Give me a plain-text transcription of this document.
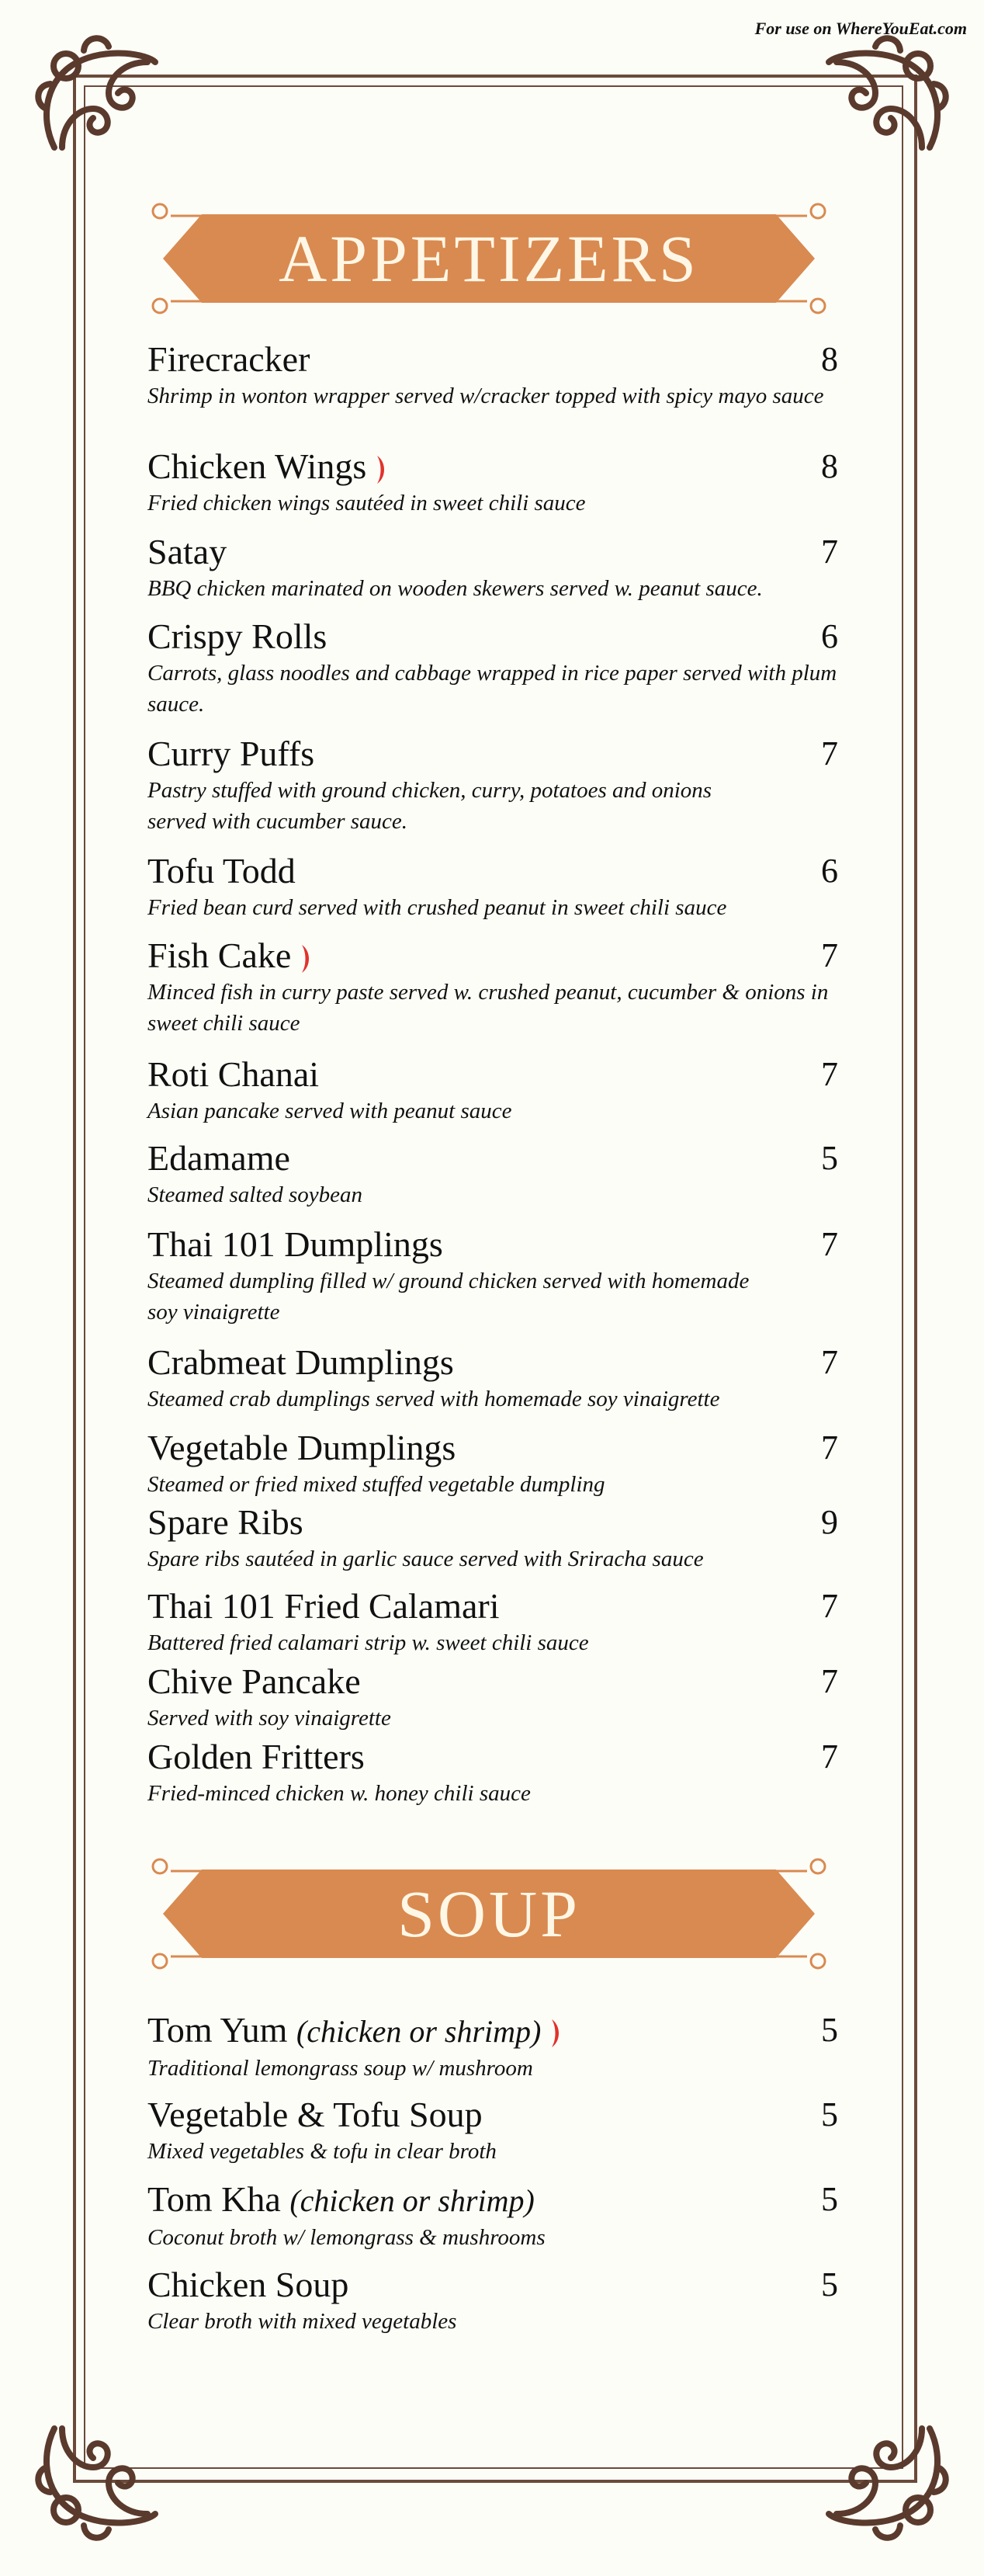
For use on WhereYouEat.com
APPETIZERS
Firecracker	8
Shrimp in wonton wrapper served w/cracker topped with spicy mayo sauce
Chicken Wings	8
Fried chicken wings sautéed in sweet chili sauce
Satay	7
BBQ chicken marinated on wooden skewers served w. peanut sauce.
Crispy Rolls	6
Carrots, glass noodles and cabbage wrapped in rice paper served with plum sauce.
Curry Puffs	7
Pastry stuffed with ground chicken, curry, potatoes and onions served with cucumber sauce.
Tofu Todd	6
Fried bean curd served with crushed peanut in sweet chili sauce
Fish Cake	7
Minced fish in curry paste served w. crushed peanut, cucumber & onions in sweet chili sauce
Roti Chanai	7
Asian pancake served with peanut sauce
Edamame	5
Steamed salted soybean
Thai 101 Dumplings	7
Steamed dumpling filled w/ ground chicken served with homemade soy vinaigrette
Crabmeat Dumplings	7
Steamed crab dumplings served with homemade soy vinaigrette
Vegetable Dumplings	7
Steamed or fried mixed stuffed vegetable dumpling
Spare Ribs	9
Spare ribs sautéed in garlic sauce served with Sriracha sauce
Thai 101 Fried Calamari	7
Battered fried calamari strip w. sweet chili sauce
Chive Pancake	7
Served with soy vinaigrette
Golden Fritters	7
Fried-minced chicken w. honey chili sauce
SOUP
Tom Yum (chicken or shrimp)	5
Traditional lemongrass soup w/ mushroom
Vegetable & Tofu Soup	5
Mixed vegetables & tofu in clear broth
Tom Kha (chicken or shrimp)	5
Coconut broth w/ lemongrass & mushrooms
Chicken Soup	5
Clear broth with mixed vegetables
